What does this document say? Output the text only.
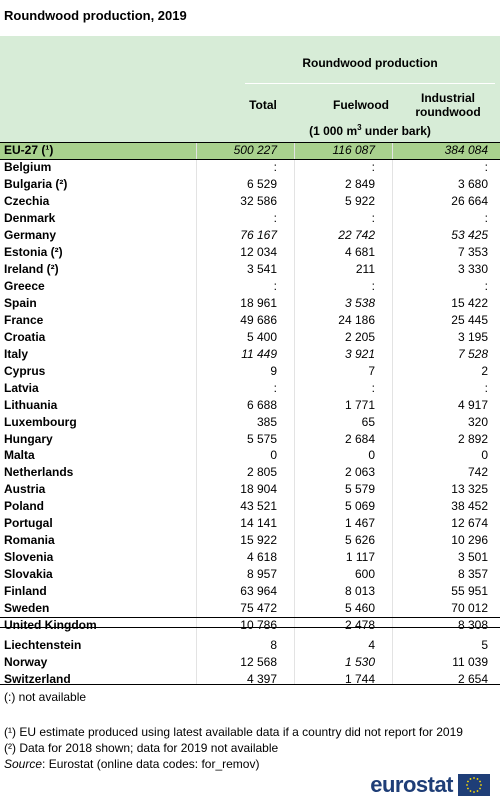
Roundwood production, 2019
Roundwood production
Total	Fuelwood	Industrial roundwood
(1 000 $m^3$ under bark)
EU-27 (¹)	500 227	116 087	384 084
Belgium	:	:	:
Bulgaria (²)	6 529	2 849	3 680
Czechia	32 586	5 922	26 664
Denmark	:	:	:
Germany	76 167	22 742	53 425
Estonia (²)	12 034	4 681	7 353
Ireland (²)	3 541	211	3 330
Greece	:	:	:
Spain	18 961	3 538	15 422
France	49 686	24 186	25 445
Croatia	5 400	2 205	3 195
Italy	11 449	3 921	7 528
Cyprus	9	7	2
Latvia	:	:	:
Lithuania	6 688	1 771	4 917
Luxembourg	385	65	320
Hungary	5 575	2 684	2 892
Malta	0	0	0
Netherlands	2 805	2 063	742
Austria	18 904	5 579	13 325
Poland	43 521	5 069	38 452
Portugal	14 141	1 467	12 674
Romania	15 922	5 626	10 296
Slovenia	4 618	1 117	3 501
Slovakia	8 957	600	8 357
Finland	63 964	8 013	55 951
Sweden	75 472	5 460	70 012
United Kingdom	10 786	2 478	8 308
Liechtenstein	8	4	5
Norway	12 568	1 530	11 039
Switzerland	4 397	1 744	2 654
(:) not available
(¹) EU estimate produced using latest available data if a country did not report for 2019
(²) Data for 2018 shown; data for 2019 not available
Source: Eurostat (online data codes: for_remov)
eurostat
